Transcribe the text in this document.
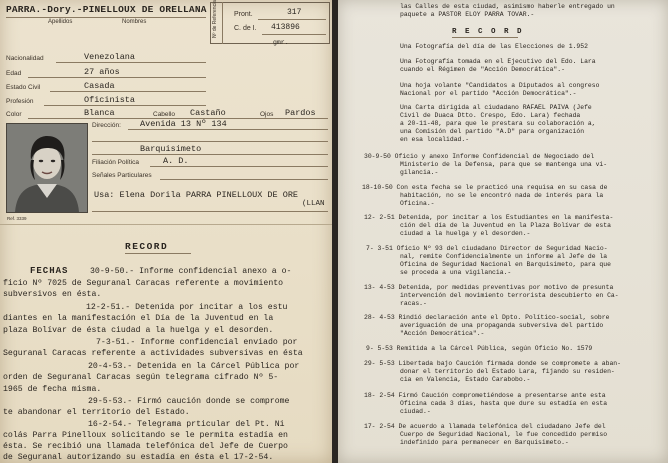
PARRA.-Dory.-PINELLOUX DE ORELLANA
Apellidos	Nombres	Nº de Referencia Pront.	317
C. de I. 413896
gmr.
Nacionalidad	Venezolana
Edad	27 años
Estado Civil	Casada
Profesión	Oficinista
Color	Blanca	Cabello Castaño	Ojos Pardos
Ref. 3339
Dirección: Avenida 13 Nº 134
Barquisimeto
Filiación Política	A. D.
Señales Particulares
Usa: Elena Dorila PARRA PINELLOUX DE ORE
(LLAN
RECORD
FECHAS	30-9-50.- Informe confidencial anexo a o-
ficio Nº 7025 de Seguranal Caracas referente a movimiento
subversivos en ésta.
12-2-51.- Detenida por incitar a los estu
diantes en la manifestación el Día de la Juventud en la
plaza Bolívar de ésta ciudad a la huelga y el desorden.
7-3-51.- Informe confidencial enviado por
Seguranal Caracas referente a actividades subversivas en ésta
20-4-53.- Detenida en la Cárcel Pública por
orden de Seguranal Caracas según telegrama cifrado Nº 5-
1965 de fecha misma.
29-5-53.- Firmó caución donde se comprome
te abandonar el territorio del Estado.
16-2-54.- Telegrama prticular del Pt. Ni
colás Parra Pinelloux solicitando se le permita estadía en
ésta. Se recibió una llamada telefónica del Jefe de Cuerpo
de Seguranal autorizando su estadía en ésta el 17-2-54.
las Calles de esta ciudad, asimismo haberle entregado un
paquete a PASTOR ELOY PARRA TOVAR.-
R E C O R D
Una Fotografía del día de las Elecciones de 1.952
Una Fotografía tomada en el Ejecutivo del Edo. Lara
cuando el Régimen de "Acción Democrática".-
Una hoja volante "Candidatos a Diputados al congreso
Nacional por el partido "Acción Democrática".-
Una Carta dirigida al ciudadano RAFAEL PAIVA (Jefe
Civil de Duaca Dtto. Crespo, Edo. Lara) fechada
a 20-11-48, para que le prestara su colaboración a,
una Comisión del partido "A.D" para organización
en esa localidad.-
30-9-50 Oficio y anexo Informe Confidencial de Negociado del
Ministerio de la Defensa, para que se mantenga una vi-
gilancia.-
18-10-50 Con esta fecha se le practicó una requisa en su casa de
habitación, no se le encontró nada de interés para la
Oficina.-
12- 2-51 Detenida, por incitar a los Estudiantes en la manifesta-
ción del día de la Juventud en la Plaza Bolívar de esta
ciudad a la huelga y el desorden.-
7- 3-51 Oficio Nº 93 del ciudadano Director de Seguridad Nacio-
nal, remite Confidencialmente un informe al Jefe de la
Oficina de Seguridad Nacional en Barquisimeto, para que
se proceda a una vigilancia.-
13- 4-53 Detenida, por medidas preventivas por motivo de presunta
intervención del movimiento terrorista descubierto en Ca-
racas.-
28- 4-53 Rindió declaración ante el Dpto. Político-social, sobre
averiguación de una propaganda subversiva del partido
"Acción Democrática".-
9- 5-53 Remitida a la Cárcel Pública, según Oficio No. 1579
29- 5-53 Libertada bajo Caución firmada donde se compromete a aban-
donar el territorio del Estado Lara, fijando su residen-
cia en Valencia, Estado Carabobo.-
18- 2-54 Firmó Caución comprometiéndose a presentarse ante esta
Oficina cada 3 días, hasta que dure su estadía en esta
ciudad.-
17- 2-54 De acuerdo a llamada telefónica del ciudadano Jefe del
Cuerpo de Seguridad Nacional, le fue concedido permiso
indefinido para permanecer en Barquisimeto.-
